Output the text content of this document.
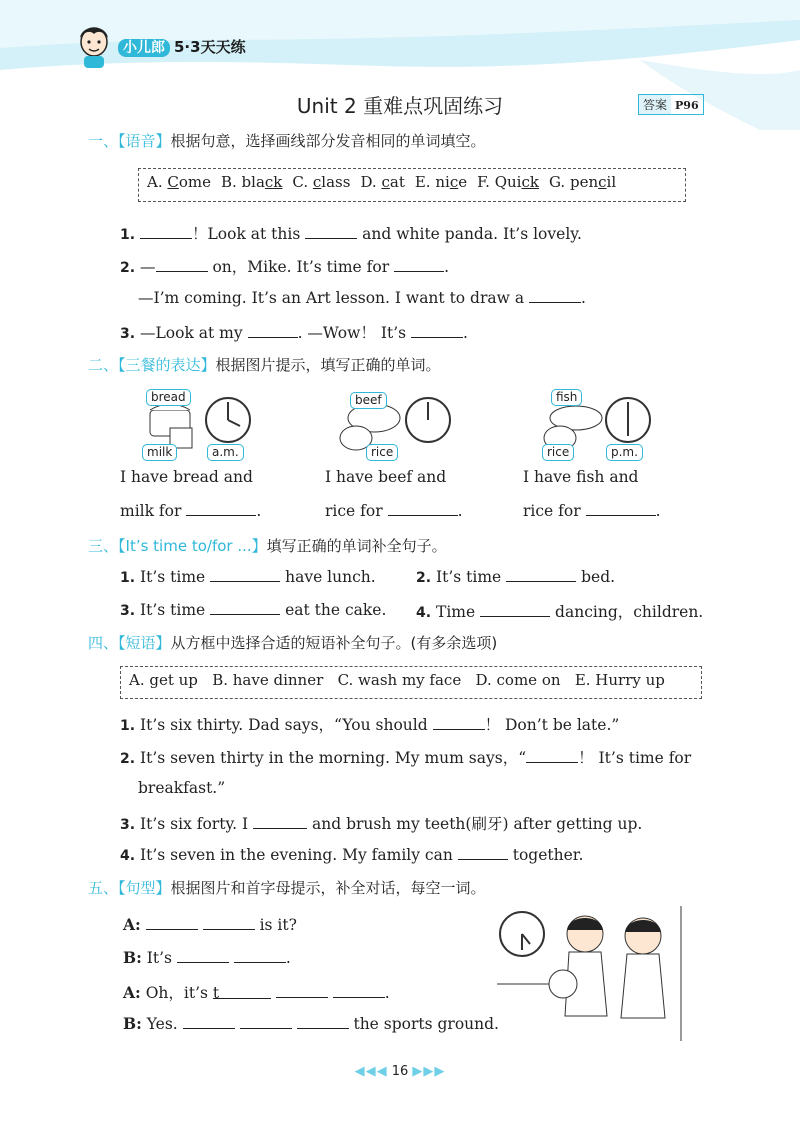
小儿郎 5·3天天练
Unit 2 重难点巩固练习	答案 P96
一、【语音】根据句意，选择画线部分发音相同的单词填空。
A. Come B. black C. class D. cat E. nice F. Quick G. pencil
1.	！Look at this	and white panda. It’s lovely.
2. —	on，Mike. It’s time for	.
—I’m coming. It’s an Art lesson. I want to draw a	.
3. —Look at my	. —Wow！ It’s	.
二、【三餐的表达】根据图片提示，填写正确的单词。
bread
milk	a.m.
I have bread and
milk for	.
beef
rice
I have beef and
rice for	.
fish
rice	p.m.
I have fish and
rice for	.
三、【It’s time to/for ...】填写正确的单词补全句子。
1. It’s time	have lunch.	2. It’s time	bed.
3. It’s time	eat the cake. 4. Time	dancing，children.
四、【短语】从方框中选择合适的短语补全句子。(有多余选项)
A. get up   B. have dinner   C. wash my face   D. come on   E. Hurry up
1. It’s six thirty. Dad says，“You should	！ Don’t be late.”
2. It’s seven thirty in the morning. My mum says，“	！ It’s time for
breakfast.”
3. It’s six forty. I	and brush my teeth(刷牙) after getting up.
4. It’s seven in the evening. My family can	together.
五、【句型】根据图片和首字母提示，补全对话，每空一词。
A:	is it?
B: It’s	.
A: Oh，it’s t	.
B: Yes.	the sports ground.
◀◀◀ 16 ▶▶▶
